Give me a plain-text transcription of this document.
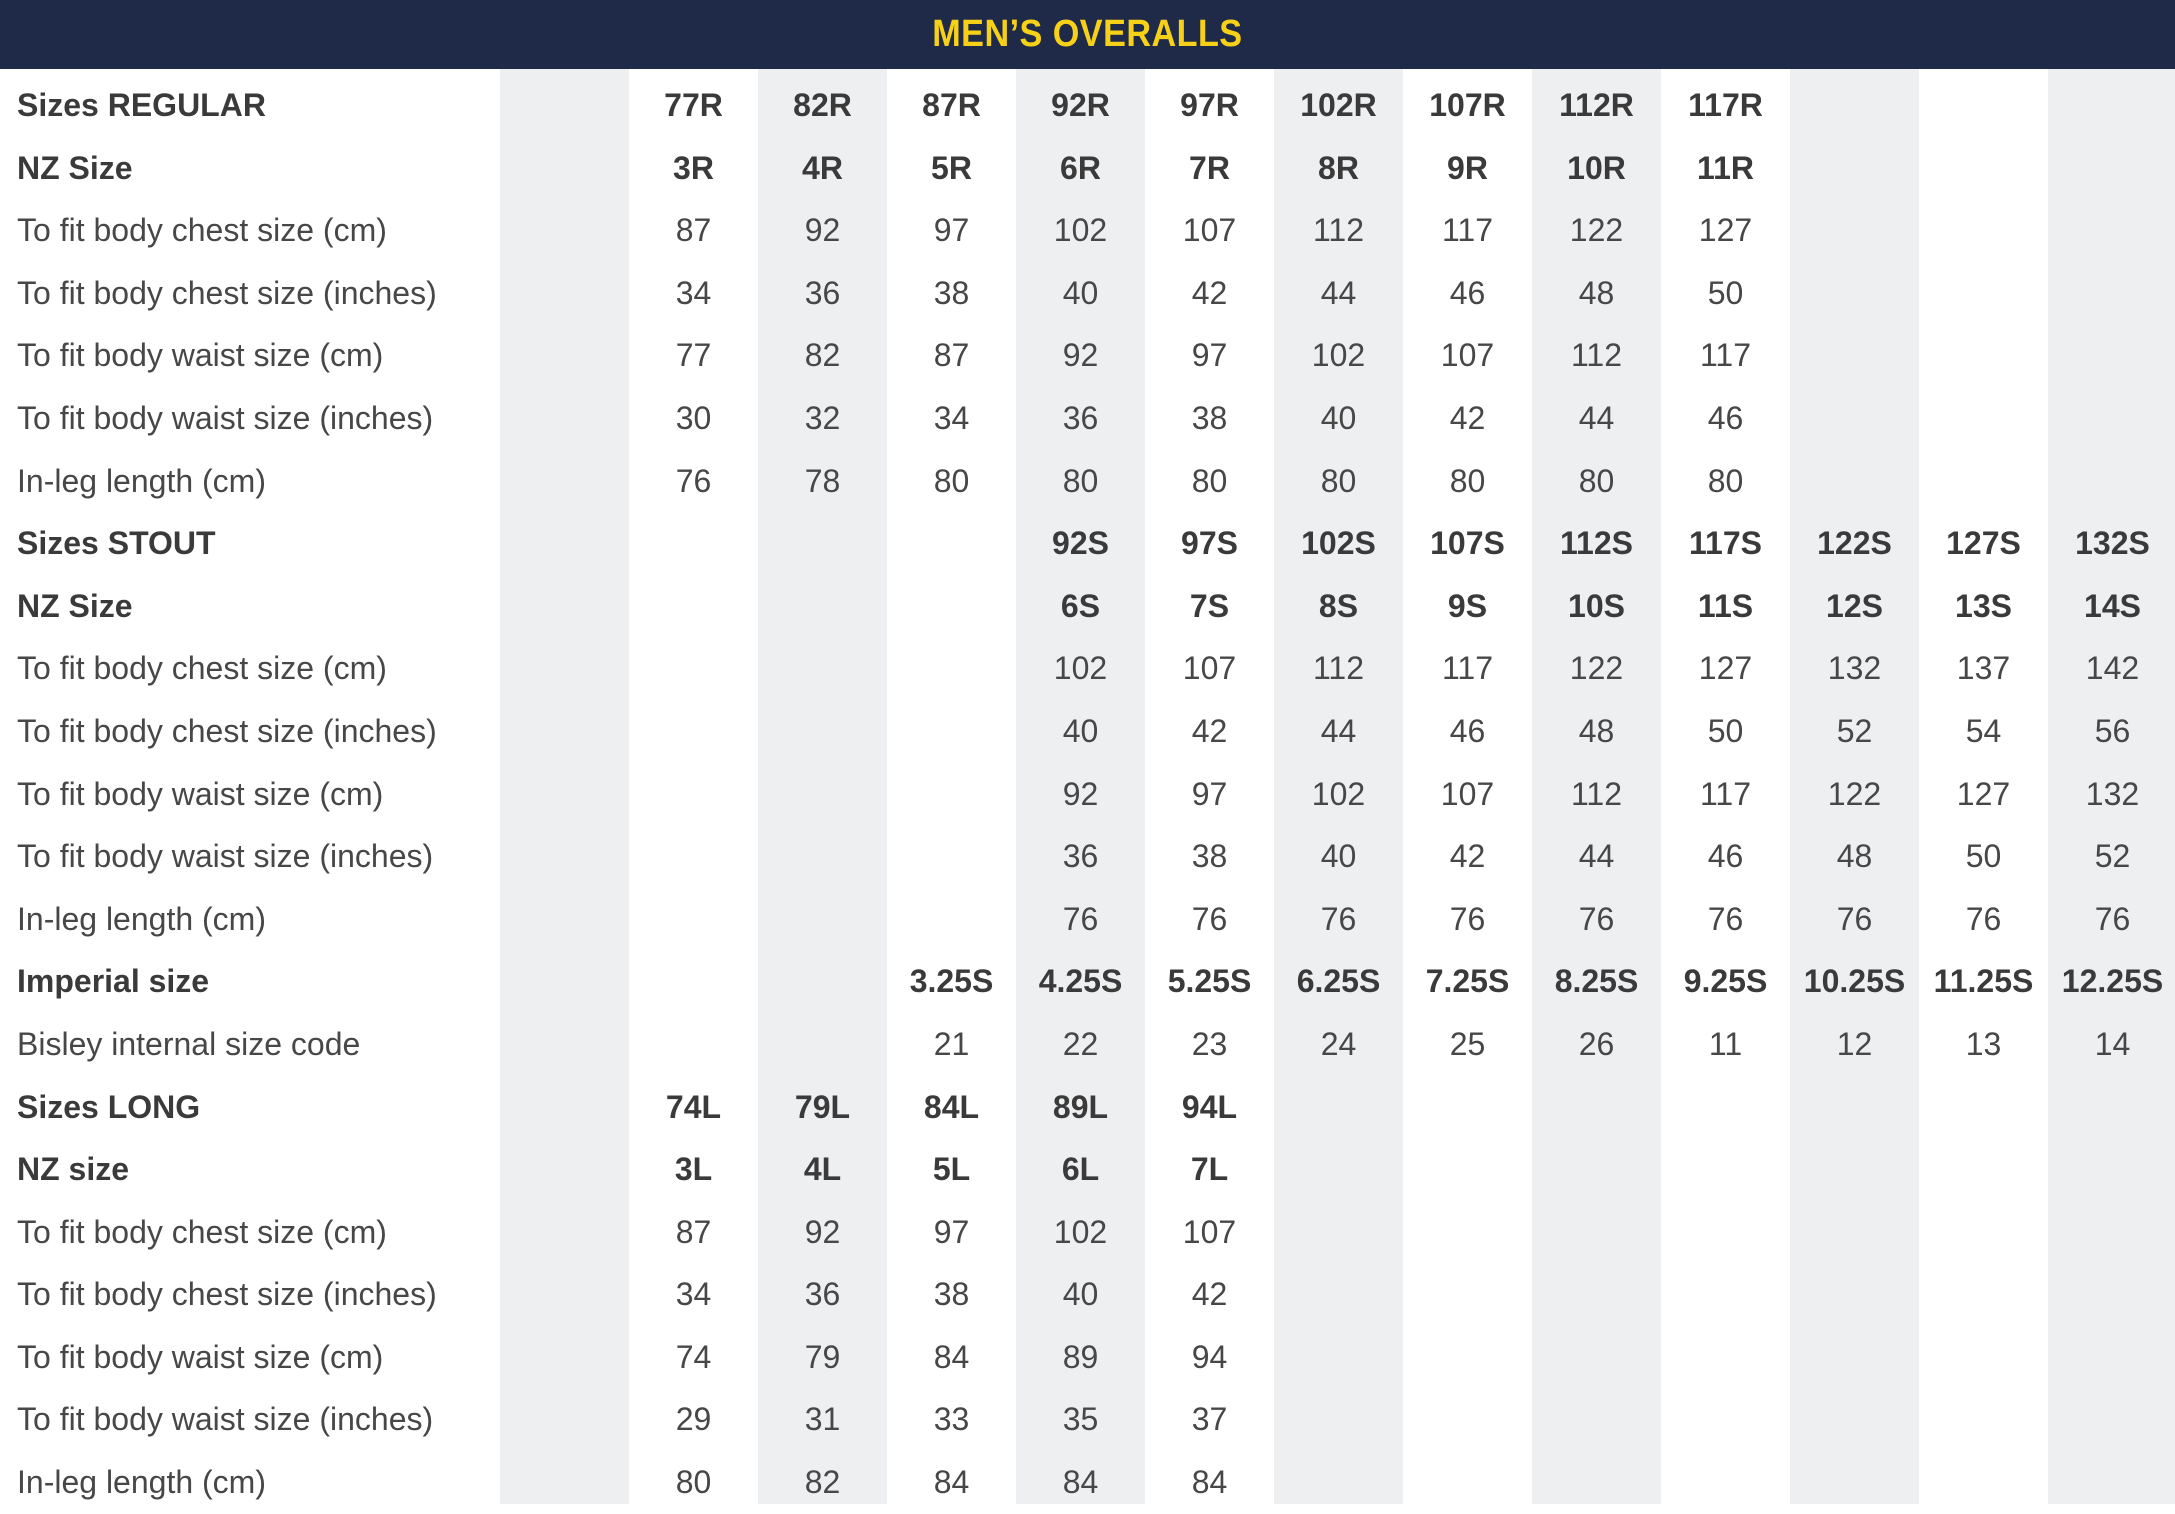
MEN’S OVERALLS
Sizes REGULAR	77R	82R	87R	92R	97R	102R	107R	112R	117R
NZ Size	3R	4R	5R	6R	7R	8R	9R	10R	11R
To fit body chest size (cm)	87	92	97	102	107	112	117	122	127
To fit body chest size (inches)	34	36	38	40	42	44	46	48	50
To fit body waist size (cm)	77	82	87	92	97	102	107	112	117
To fit body waist size (inches)	30	32	34	36	38	40	42	44	46
In-leg length (cm)	76	78	80	80	80	80	80	80	80
Sizes STOUT	92S	97S	102S	107S	112S	117S	122S	127S	132S
NZ Size	6S	7S	8S	9S	10S	11S	12S	13S	14S
To fit body chest size (cm)	102	107	112	117	122	127	132	137	142
To fit body chest size (inches)	40	42	44	46	48	50	52	54	56
To fit body waist size (cm)	92	97	102	107	112	117	122	127	132
To fit body waist size (inches)	36	38	40	42	44	46	48	50	52
In-leg length (cm)	76	76	76	76	76	76	76	76	76
Imperial size	3.25S	4.25S	5.25S	6.25S	7.25S	8.25S	9.25S	10.25S 11.25S 12.25S
Bisley internal size code	21	22	23	24	25	26	11	12	13	14
Sizes LONG	74L	79L	84L	89L	94L
NZ size	3L	4L	5L	6L	7L
To fit body chest size (cm)	87	92	97	102	107
To fit body chest size (inches)	34	36	38	40	42
To fit body waist size (cm)	74	79	84	89	94
To fit body waist size (inches)	29	31	33	35	37
In-leg length (cm)	80	82	84	84	84
